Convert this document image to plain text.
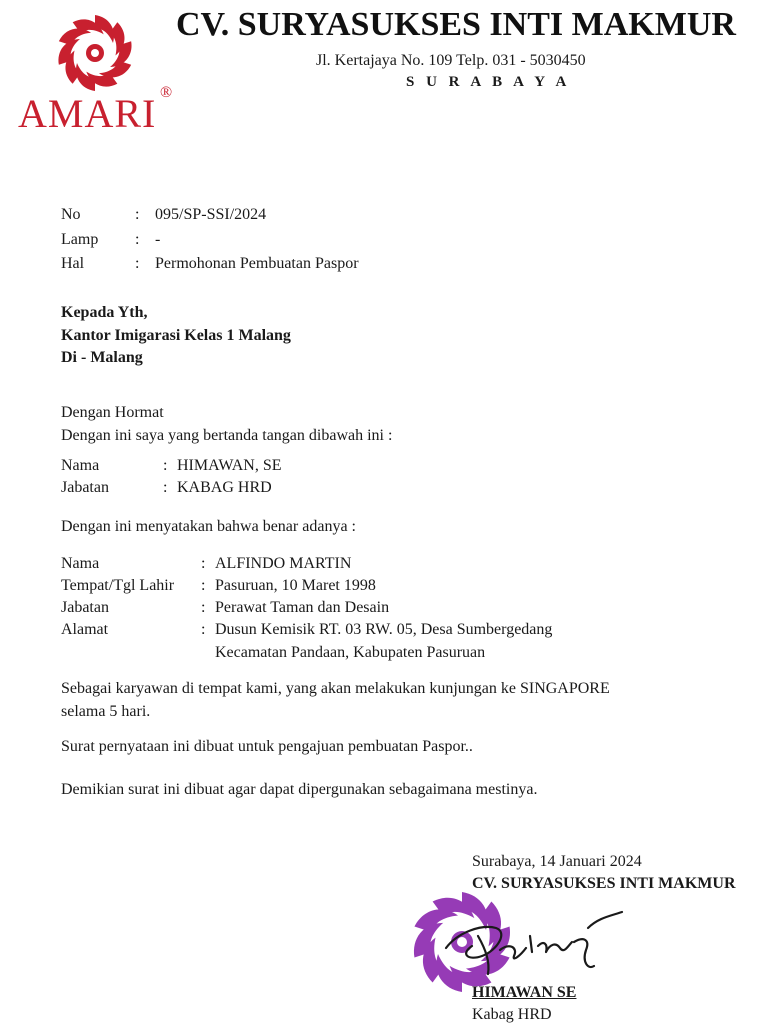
AMARI ®
CV. SURYASUKSES INTI MAKMUR
Jl. Kertajaya No. 109 Telp. 031 - 5030450
S U R A B A Y A
No	: 095/SP-SSI/2024
Lamp : -
Hal	: Permohonan Pembuatan Paspor
Kepada Yth,
Kantor Imigarasi Kelas 1 Malang
Di - Malang
Dengan Hormat
Dengan ini saya yang bertanda tangan dibawah ini :
Nama	: HIMAWAN, SE
Jabatan	: KABAG HRD
Dengan ini menyatakan bahwa benar adanya :
Nama	: ALFINDO MARTIN
Tempat/Tgl Lahir : Pasuruan, 10 Maret 1998
Jabatan	: Perawat Taman dan Desain
Alamat	: Dusun Kemisik RT. 03 RW. 05, Desa Sumbergedang
Kecamatan Pandaan, Kabupaten Pasuruan
Sebagai karyawan di tempat kami, yang akan melakukan kunjungan ke SINGAPORE
selama 5 hari.
Surat pernyataan ini dibuat untuk pengajuan pembuatan Paspor..
Demikian surat ini dibuat agar dapat dipergunakan sebagaimana mestinya.
Surabaya, 14 Januari 2024
CV. SURYASUKSES INTI MAKMUR
HIMAWAN SE
Kabag HRD
